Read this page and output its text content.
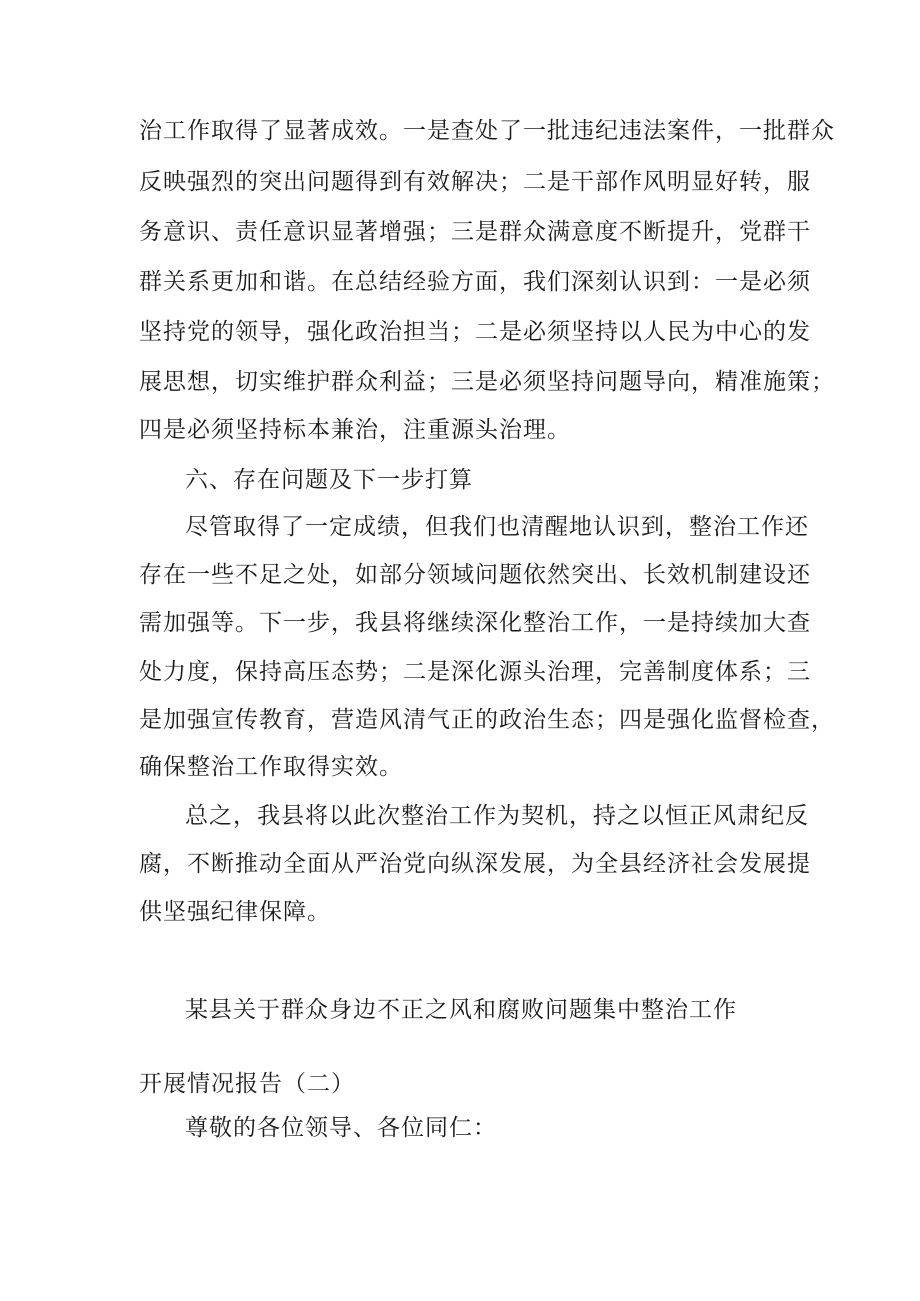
治工作取得了显著成效。一是查处了一批违纪违法案件，一批群众
反映强烈的突出问题得到有效解决；二是干部作风明显好转，服
务意识、责任意识显著增强；三是群众满意度不断提升，党群干
群关系更加和谐。在总结经验方面，我们深刻认识到：一是必须
坚持党的领导，强化政治担当；二是必须坚持以人民为中心的发
展思想，切实维护群众利益；三是必须坚持问题导向，精准施策；
四是必须坚持标本兼治，注重源头治理。
六、存在问题及下一步打算
尽管取得了一定成绩，但我们也清醒地认识到，整治工作还
存在一些不足之处，如部分领域问题依然突出、长效机制建设还
需加强等。下一步，我县将继续深化整治工作，一是持续加大查
处力度，保持高压态势；二是深化源头治理，完善制度体系；三
是加强宣传教育，营造风清气正的政治生态；四是强化监督检查，
确保整治工作取得实效。
总之，我县将以此次整治工作为契机，持之以恒正风肃纪反
腐，不断推动全面从严治党向纵深发展，为全县经济社会发展提
供坚强纪律保障。
某县关于群众身边不正之风和腐败问题集中整治工作
开展情况报告（二）
尊敬的各位领导、各位同仁：
